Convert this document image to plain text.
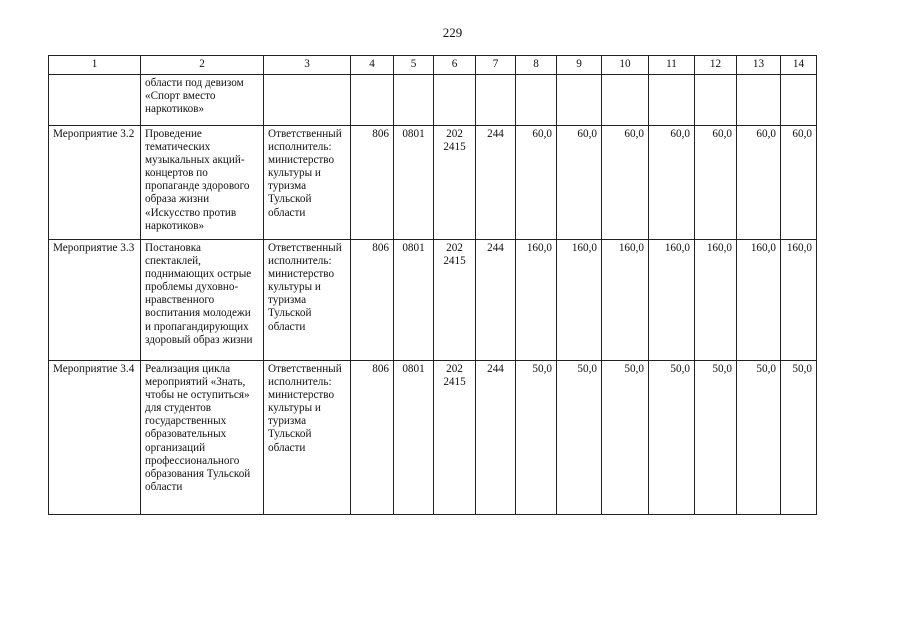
229
1	2	3	4	5	6	7	8	9	10	11	12	13	14
	области под девизом «Спорт вместо наркотиков»												
Мероприятие 3.2	Проведение тематических музыкальных акций-концертов по пропаганде здорового образа жизни «Искусство против наркотиков»	Ответственный исполнитель: министерство культуры и туризма Тульской области	806	0801	202 2415	244	60,0	60,0	60,0	60,0	60,0	60,0	60,0
Мероприятие 3.3	Постановка спектаклей, поднимающих острые проблемы духовно-нравственного воспитания молодежи и пропагандирующих здоровый образ жизни	Ответственный исполнитель: министерство культуры и туризма Тульской области	806	0801	202 2415	244	160,0	160,0	160,0	160,0	160,0	160,0	160,0
Мероприятие 3.4	Реализация цикла мероприятий «Знать, чтобы не оступиться» для студентов государственных образовательных организаций профессионального образования Тульской области	Ответственный исполнитель: министерство культуры и туризма Тульской области	806	0801	202 2415	244	50,0	50,0	50,0	50,0	50,0	50,0	50,0
